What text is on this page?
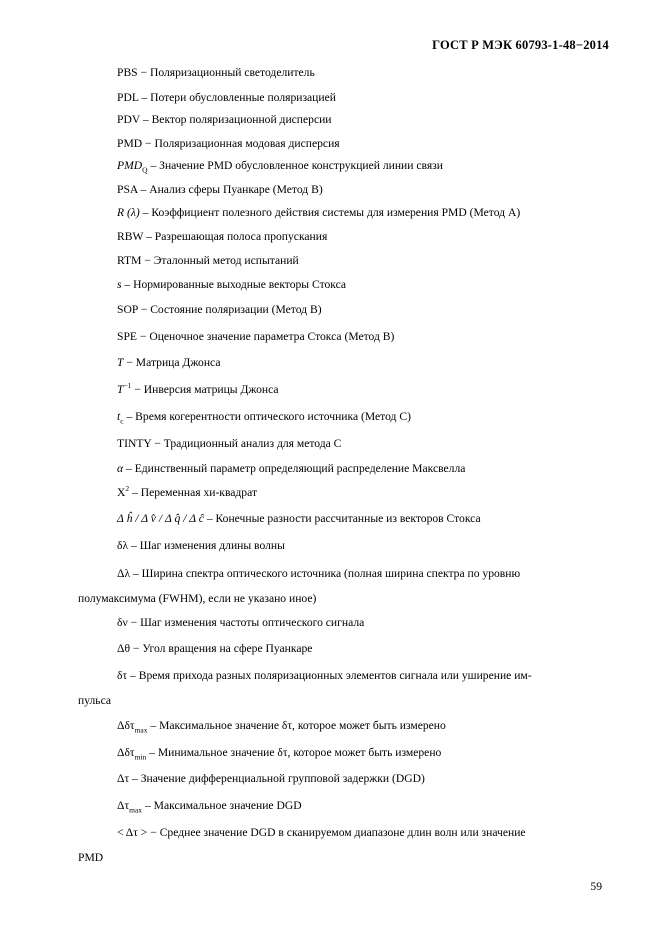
ГОСТ Р МЭК 60793-1-48−2014
PBS − Поляризационный светоделитель
PDL – Потери обусловленные поляризацией
PDV – Вектор поляризационной дисперсии
PMD − Поляризационная модовая дисперсия
$PMD_Q$ – Значение PMD обусловленное конструкцией линии связи
PSA – Анализ сферы Пуанкаре (Метод В)
R (λ) – Коэффициент полезного действия системы для измерения PMD (Метод А)
RBW – Разрешающая полоса пропускания
RTM − Эталонный метод испытаний
s – Нормированные выходные векторы Стокса
SOP − Состояние поляризации (Метод В)
SPE − Оценочное значение параметра Стокса (Метод В)
T − Матрица Джонса
$T^{-1}$ − Инверсия матрицы Джонса
$t_c$ – Время когерентности оптического источника (Метод С)
TINTY − Традиционный анализ для метода С
α – Единственный параметр определяющий распределение Максвелла
$X^2$ – Переменная хи-квадрат
Δ ĥ / Δ v̂ / Δ q̂ / Δ ĉ – Конечные разности рассчитанные из векторов Стокса
δλ – Шаг изменения длины волны
Δλ – Ширина спектра оптического источника (полная ширина спектра по уровню
полумаксимума (FWHM), если не указано иное)
δν − Шаг изменения частоты оптического сигнала
Δθ − Угол вращения на сфере Пуанкаре
δτ – Время прихода разных поляризационных элементов сигнала или уширение им-
пульса
Δδτ$_{max}$ – Максимальное значение δτ, которое может быть измерено
Δδτ$_{min}$ – Минимальное значение δτ, которое может быть измерено
Δτ – Значение дифференциальной групповой задержки (DGD)
$\Delta\tau_{max}$ – Максимальное значение DGD
< Δτ > − Среднее значение DGD в сканируемом диапазоне длин волн или значение
PMD
59
